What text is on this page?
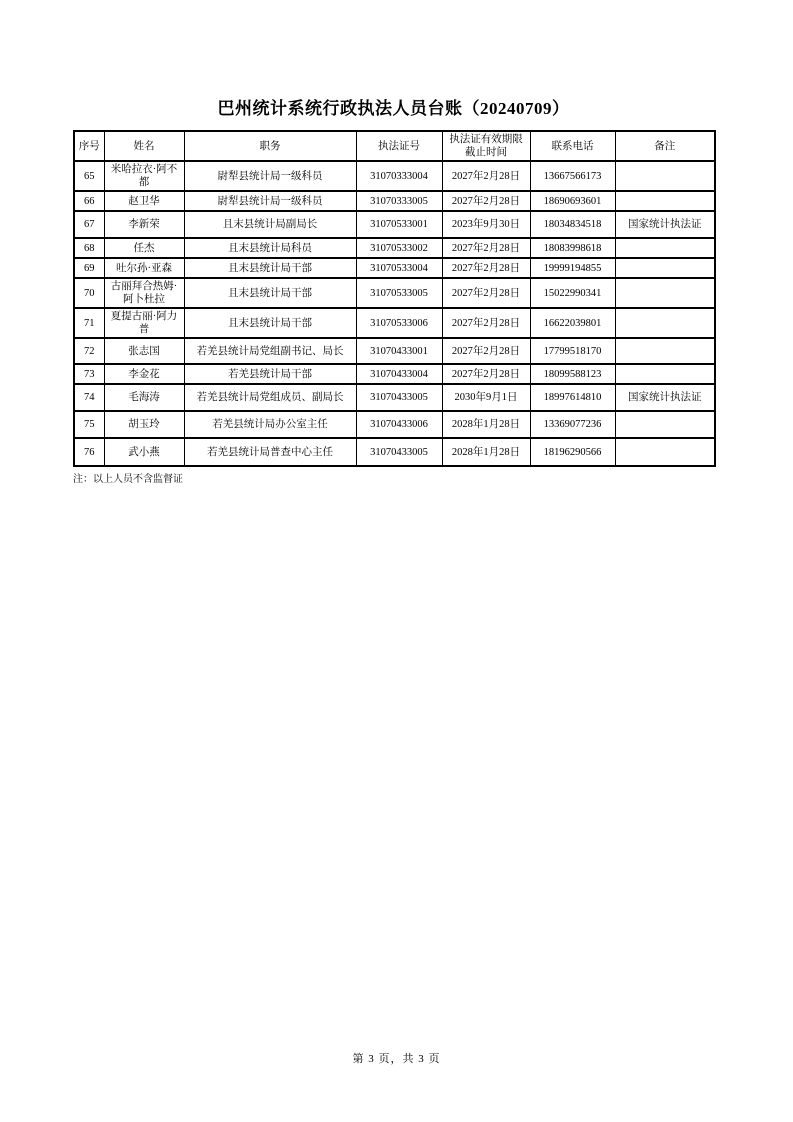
巴州统计系统行政执法人员台账（20240709）
序号	姓名	职务	执法证号	执法证有效期限截止时间	联系电话	备注
65	米哈拉衣·阿不都	尉犁县统计局一级科员	31070333004	2027年2月28日	13667566173	
66	赵卫华	尉犁县统计局一级科员	31070333005	2027年2月28日	18690693601	
67	李新荣	且末县统计局副局长	31070533001	2023年9月30日	18034834518	国家统计执法证
68	任杰	且末县统计局科员	31070533002	2027年2月28日	18083998618	
69	吐尔孙·亚森	且末县统计局干部	31070533004	2027年2月28日	19999194855	
70	古丽拜合热姆·阿卜杜拉	且末县统计局干部	31070533005	2027年2月28日	15022990341	
71	夏提古丽·阿力普	且末县统计局干部	31070533006	2027年2月28日	16622039801	
72	张志国	若羌县统计局党组副书记、局长	31070433001	2027年2月28日	17799518170	
73	李金花	若羌县统计局干部	31070433004	2027年2月28日	18099588123	
74	毛海涛	若羌县统计局党组成员、副局长	31070433005	2030年9月1日	18997614810	国家统计执法证
75	胡玉玲	若羌县统计局办公室主任	31070433006	2028年1月28日	13369077236	
76	武小燕	若羌县统计局普查中心主任	31070433005	2028年1月28日	18196290566	
注：以上人员不含监督证
第 3 页，共 3 页
